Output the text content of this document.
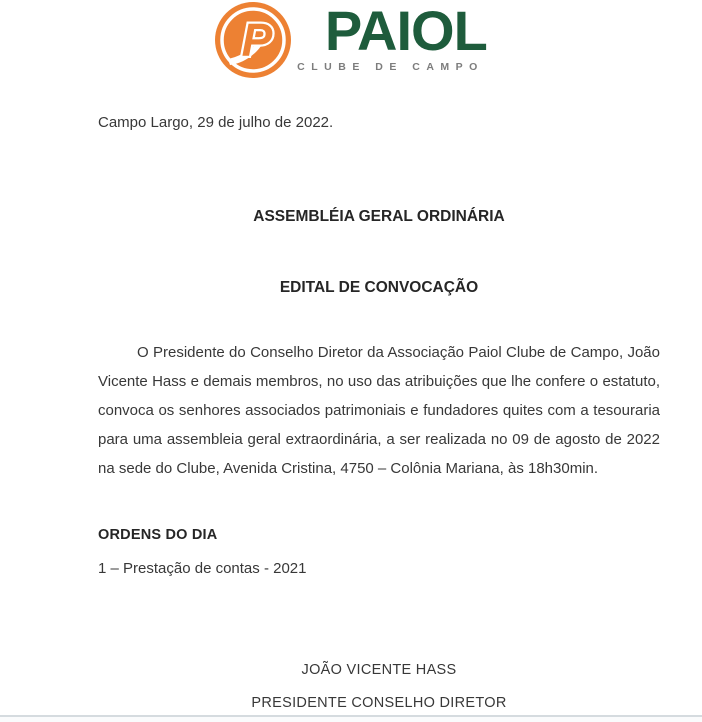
P PAIOL
CLUBE DE CAMPO
Campo Largo, 29 de julho de 2022.
ASSEMBLÉIA GERAL ORDINÁRIA
EDITAL DE CONVOCAÇÃO
O Presidente do Conselho Diretor da Associação Paiol Clube de Campo, João
Vicente Hass e demais membros, no uso das atribuições que lhe confere o estatuto,
convoca os senhores associados patrimoniais e fundadores quites com a tesouraria
para uma assembleia geral extraordinária, a ser realizada no 09 de agosto de 2022
na sede do Clube, Avenida Cristina, 4750 – Colônia Mariana, às 18h30min.
ORDENS DO DIA
1 – Prestação de contas - 2021
JOÃO VICENTE HASS
PRESIDENTE CONSELHO DIRETOR
